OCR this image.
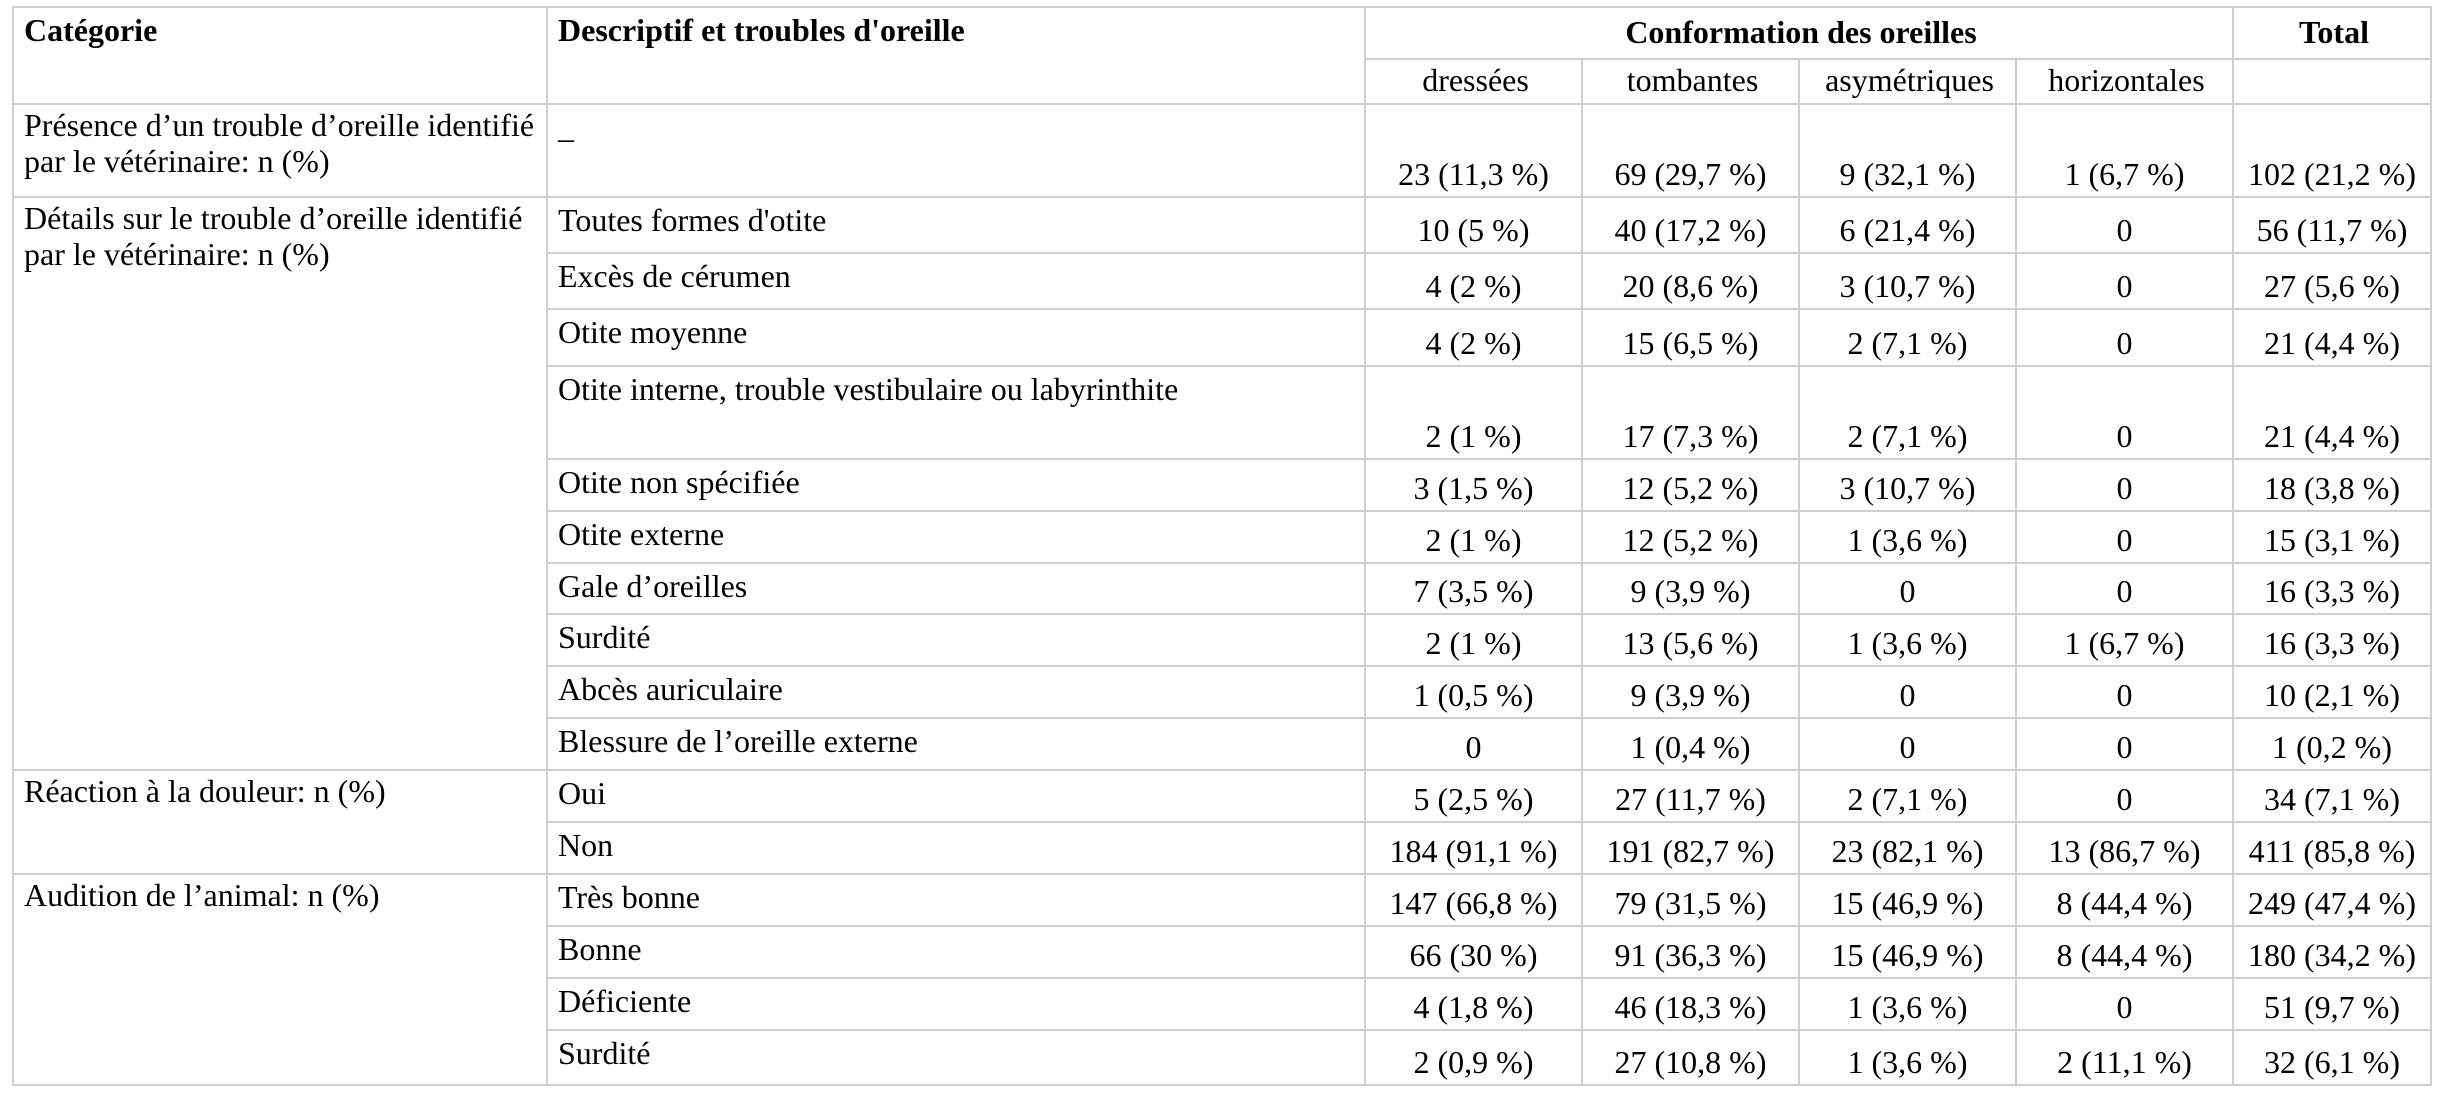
Catégorie	Descriptif et troubles d'oreille	Conformation des oreilles				Total
		dressées	tombantes	asymétriques	horizontales	
Présence d’un trouble d’oreille identifié par le vétérinaire: n (%)	_	23 (11,3 %)	69 (29,7 %)	9 (32,1 %)	1 (6,7 %)	102 (21,2 %)
Détails sur le trouble d’oreille identifié par le vétérinaire: n (%)	Toutes formes d'otite	10 (5 %)	40 (17,2 %)	6 (21,4 %)	0	56 (11,7 %)
	Excès de cérumen	4 (2 %)	20 (8,6 %)	3 (10,7 %)	0	27 (5,6 %)
	Otite moyenne	4 (2 %)	15 (6,5 %)	2 (7,1 %)	0	21 (4,4 %)
	Otite interne, trouble vestibulaire ou labyrinthite	2 (1 %)	17 (7,3 %)	2 (7,1 %)	0	21 (4,4 %)
	Otite non spécifiée	3 (1,5 %)	12 (5,2 %)	3 (10,7 %)	0	18 (3,8 %)
	Otite externe	2 (1 %)	12 (5,2 %)	1 (3,6 %)	0	15 (3,1 %)
	Gale d’oreilles	7 (3,5 %)	9 (3,9 %)	0	0	16 (3,3 %)
	Surdité	2 (1 %)	13 (5,6 %)	1 (3,6 %)	1 (6,7 %)	16 (3,3 %)
	Abcès auriculaire	1 (0,5 %)	9 (3,9 %)	0	0	10 (2,1 %)
	Blessure de l’oreille externe	0	1 (0,4 %)	0	0	1 (0,2 %)
Réaction à la douleur: n (%)	Oui	5 (2,5 %)	27 (11,7 %)	2 (7,1 %)	0	34 (7,1 %)
	Non	184 (91,1 %)	191 (82,7 %)	23 (82,1 %)	13 (86,7 %)	411 (85,8 %)
Audition de l’animal: n (%)	Très bonne	147 (66,8 %)	79 (31,5 %)	15 (46,9 %)	8 (44,4 %)	249 (47,4 %)
	Bonne	66 (30 %)	91 (36,3 %)	15 (46,9 %)	8 (44,4 %)	180 (34,2 %)
	Déficiente	4 (1,8 %)	46 (18,3 %)	1 (3,6 %)	0	51 (9,7 %)
	Surdité	2 (0,9 %)	27 (10,8 %)	1 (3,6 %)	2 (11,1 %)	32 (6,1 %)
